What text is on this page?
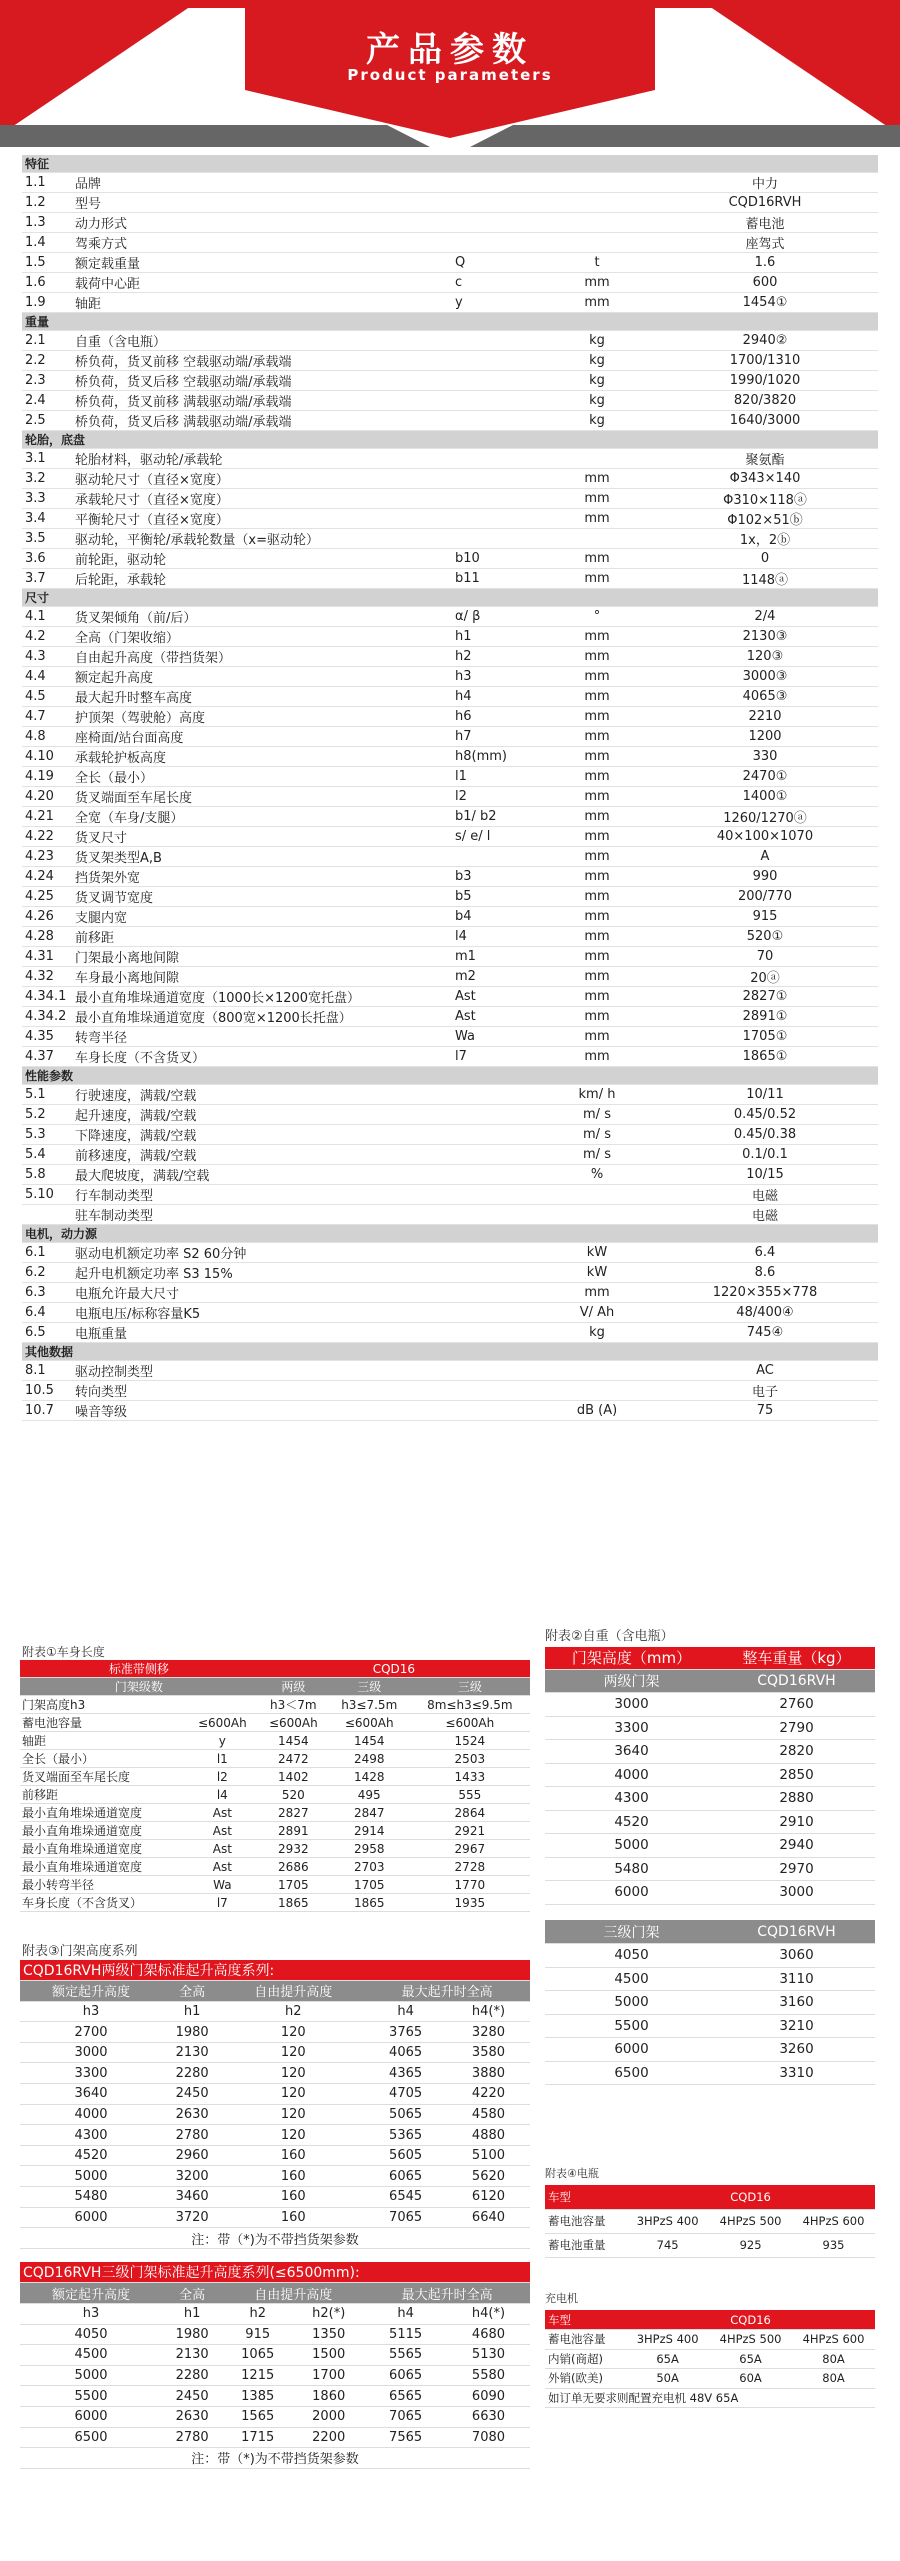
产品参数
Product parameters
特征				
1.1	品牌			中力
1.2	型号			CQD16RVH
1.3	动力形式			蓄电池
1.4	驾乘方式			座驾式
1.5	额定载重量	Q	t	1.6
1.6	载荷中心距	c	mm	600
1.9	轴距	y	mm	1454①
重量				
2.1	自重（含电瓶）		kg	2940②
2.2	桥负荷，货叉前移 空载驱动端/承载端		kg	1700/1310
2.3	桥负荷，货叉后移 空载驱动端/承载端		kg	1990/1020
2.4	桥负荷，货叉前移 满载驱动端/承载端		kg	820/3820
2.5	桥负荷，货叉后移 满载驱动端/承载端		kg	1640/3000
轮胎，底盘				
3.1	轮胎材料，驱动轮/承载轮			聚氨酯
3.2	驱动轮尺寸（直径×宽度）		mm	Φ343×140
3.3	承载轮尺寸（直径×宽度）		mm	Φ310×118ⓐ
3.4	平衡轮尺寸（直径×宽度）		mm	Φ102×51ⓑ
3.5	驱动轮，平衡轮/承载轮数量（x=驱动轮）			1x，2ⓑ
3.6	前轮距，驱动轮	b10	mm	0
3.7	后轮距，承载轮	b11	mm	1148ⓐ
尺寸				
4.1	货叉架倾角（前/后）	α/ β	°	2/4
4.2	全高（门架收缩）	h1	mm	2130③
4.3	自由起升高度（带挡货架）	h2	mm	120③
4.4	额定起升高度	h3	mm	3000③
4.5	最大起升时整车高度	h4	mm	4065③
4.7	护顶架（驾驶舱）高度	h6	mm	2210
4.8	座椅面/站台面高度	h7	mm	1200
4.10	承载轮护板高度	h8(mm)	mm	330
4.19	全长（最小）	l1	mm	2470①
4.20	货叉端面至车尾长度	l2	mm	1400①
4.21	全宽（车身/支腿）	b1/ b2	mm	1260/1270ⓐ
4.22	货叉尺寸	s/ e/ l	mm	40×100×1070
4.23	货叉架类型A,B		mm	A
4.24	挡货架外宽	b3	mm	990
4.25	货叉调节宽度	b5	mm	200/770
4.26	支腿内宽	b4	mm	915
4.28	前移距	l4	mm	520①
4.31	门架最小离地间隙	m1	mm	70
4.32	车身最小离地间隙	m2	mm	20ⓐ
4.34.1	最小直角堆垛通道宽度（1000长×1200宽托盘）	Ast	mm	2827①
4.34.2	最小直角堆垛通道宽度（800宽×1200长托盘）	Ast	mm	2891①
4.35	转弯半径	Wa	mm	1705①
4.37	车身长度（不含货叉）	l7	mm	1865①
性能参数				
5.1	行驶速度，满载/空载		km/ h	10/11
5.2	起升速度，满载/空载		m/ s	0.45/0.52
5.3	下降速度，满载/空载		m/ s	0.45/0.38
5.4	前移速度，满载/空载		m/ s	0.1/0.1
5.8	最大爬坡度，满载/空载		%	10/15
5.10	行车制动类型			电磁
	驻车制动类型			电磁
电机，动力源				
6.1	驱动电机额定功率 S2 60分钟		kW	6.4
6.2	起升电机额定功率 S3 15%		kW	8.6
6.3	电瓶允许最大尺寸		mm	1220×355×778
6.4	电瓶电压/标称容量K5		V/ Ah	48/400④
6.5	电瓶重量		kg	745④
其他数据				
8.1	驱动控制类型			AC
10.5	转向类型			电子
10.7	噪音等级		dB (A)	75
附表①车身长度
标准带侧移		CQD16		
门架级数		两级	三级	三级
门架高度h3		h3＜7m	h3≤7.5m	8m≤h3≤9.5m
蓄电池容量	≤600Ah	≤600Ah	≤600Ah	≤600Ah
轴距	y	1454	1454	1524
全长（最小）	l1	2472	2498	2503
货叉端面至车尾长度	l2	1402	1428	1433
前移距	l4	520	495	555
最小直角堆垛通道宽度	Ast	2827	2847	2864
最小直角堆垛通道宽度	Ast	2891	2914	2921
最小直角堆垛通道宽度	Ast	2932	2958	2967
最小直角堆垛通道宽度	Ast	2686	2703	2728
最小转弯半径	Wa	1705	1705	1770
车身长度（不含货叉）	l7	1865	1865	1935
附表②自重（含电瓶）
门架高度（mm）	整车重量（kg）
两级门架	CQD16RVH
3000	2760
3300	2790
3640	2820
4000	2850
4300	2880
4520	2910
5000	2940
5480	2970
6000	3000

三级门架	CQD16RVH
4050	3060
4500	3110
5000	3160
5500	3210
6000	3260
6500	3310
附表③门架高度系列
CQD16RVH两级门架标准起升高度系列:					
额定起升高度	全高	自由提升高度		最大起升时全高	
h3	h1	h2		h4	h4(*)
2700	1980	120		3765	3280
3000	2130	120		4065	3580
3300	2280	120		4365	3880
3640	2450	120		4705	4220
4000	2630	120		5065	4580
4300	2780	120		5365	4880
4520	2960	160		5605	5100
5000	3200	160		6065	5620
5480	3460	160		6545	6120
6000	3720	160		7065	6640
注：带（*)为不带挡货架参数					

CQD16RVH三级门架标准起升高度系列(≤6500mm):					
额定起升高度	全高	自由提升高度		最大起升时全高	
h3	h1	h2	h2(*)	h4	h4(*)
4050	1980	915	1350	5115	4680
4500	2130	1065	1500	5565	5130
5000	2280	1215	1700	6065	5580
5500	2450	1385	1860	6565	6090
6000	2630	1565	2000	7065	6630
6500	2780	1715	2200	7565	7080
注：带（*)为不带挡货架参数					
附表④电瓶
车型	CQD16		
蓄电池容量	3HPzS 400	4HPzS 500	4HPzS 600
蓄电池重量	745	925	935
充电机
车型	CQD16		
蓄电池容量	3HPzS 400	4HPzS 500	4HPzS 600
内销(商超)	65A	65A	80A
外销(欧美)	50A	60A	80A
如订单无要求则配置充电机 48V 65A			
